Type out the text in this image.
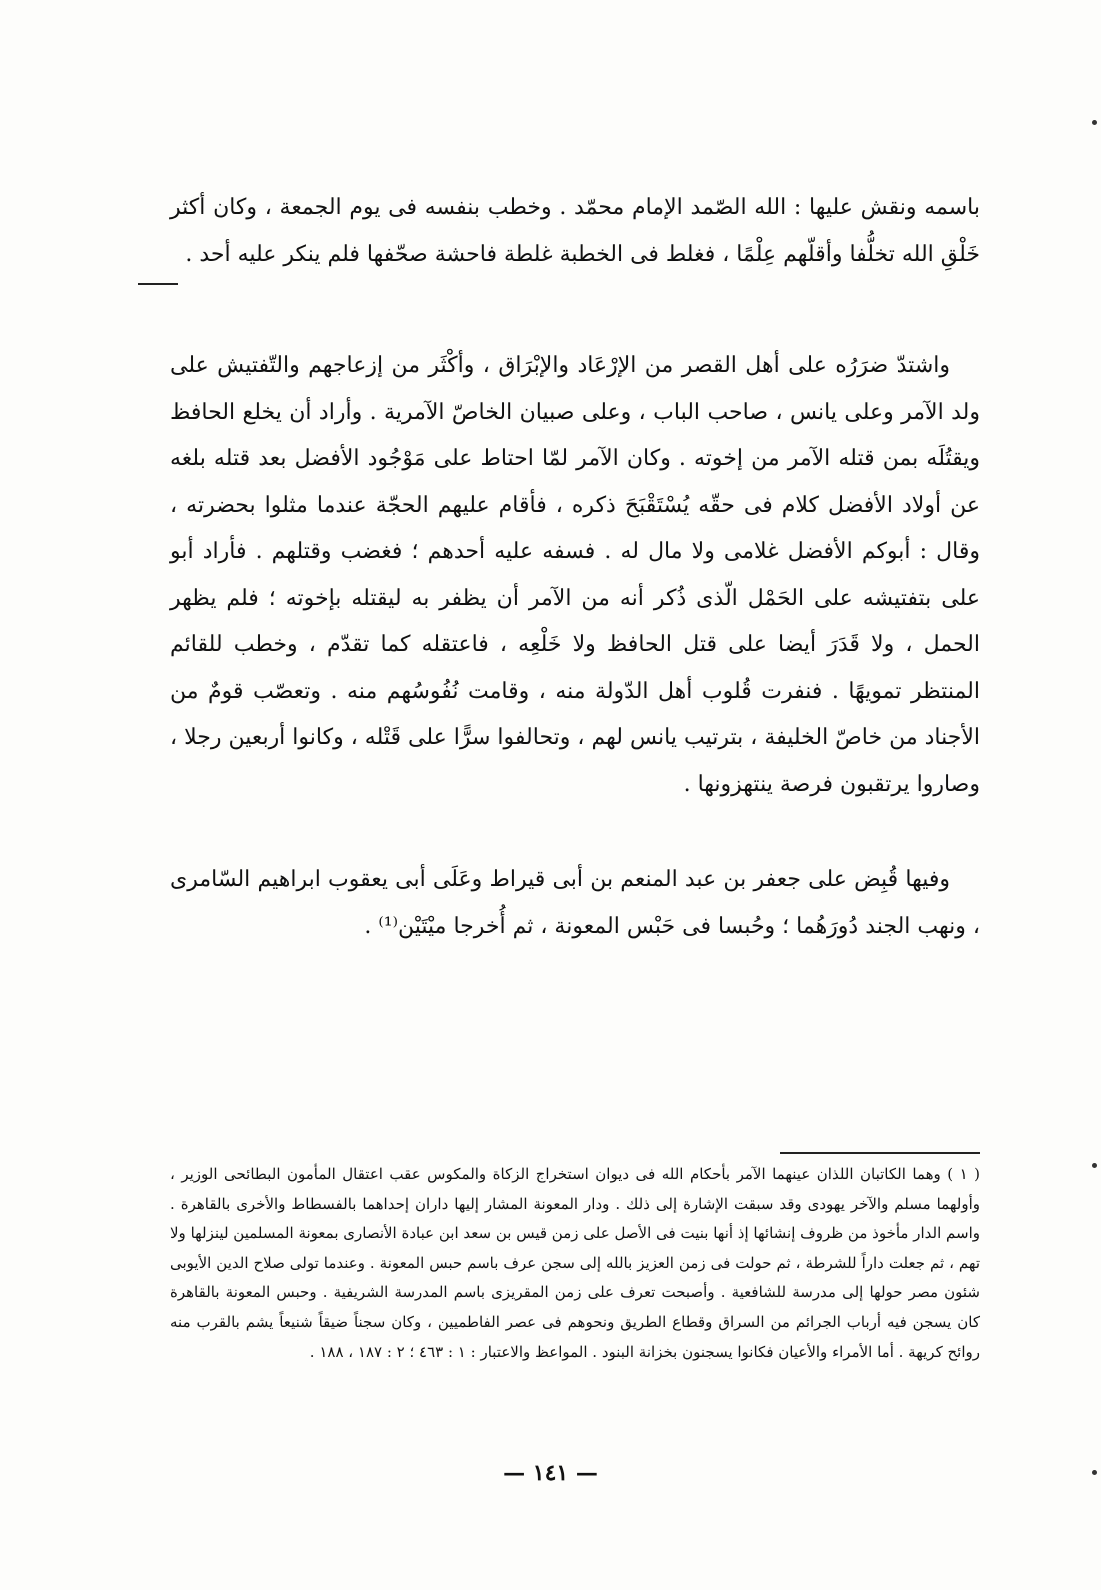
باسمه ونقش عليها : الله الصّمد الإمام محمّد . وخطب بنفسه فى يوم الجمعة ، وكان أكثر خَلْقِ الله تخلُّفا وأقلّهم عِلْمًا ، فغلط فى الخطبة غلطة فاحشة صحّفها فلم ينكر عليه أحد .

واشتدّ ضرَرُه على أهل القصر من الإرْعَاد والإبْرَاق ، وأكْثَر من إزعاجهم والتّفتيش على ولد الآمر وعلى يانس ، صاحب الباب ، وعلى صبيان الخاصّ الآمرية . وأراد أن يخلع الحافظ ويقتُلَه بمن قتله الآمر من إخوته . وكان الآمر لمّا احتاط على مَوْجُود الأفضل بعد قتله بلغه عن أولاد الأفضل كلام فى حقّه يُسْتَقْبَحَ ذكره ، فأقام عليهم الحجّة عندما مثلوا بحضرته ، وقال : أبوكم الأفضل غلامى ولا مال له . فسفه عليه أحدهم ؛ فغضب وقتلهم . فأراد أبو على بتفتيشه على الحَمْل الّذى ذُكر أنه من الآمر أن يظفر به ليقتله بإخوته ؛ فلم يظهر الحمل ، ولا قَدَرَ أيضا على قتل الحافظ ولا خَلْعِه ، فاعتقله كما تقدّم ، وخطب للقائم المنتظر تمويهًا . فنفرت قُلوب أهل الدّولة منه ، وقامت نُفُوسُهم منه . وتعصّب قومٌ من الأجناد من خاصّ الخليفة ، بترتيب يانس لهم ، وتحالفوا سرًّا على قَتْله ، وكانوا أربعين رجلا ، وصاروا يرتقبون فرصة ينتهزونها .

وفيها قُبِض على جعفر بن عبد المنعم بن أبى قيراط وعَلَى أبى يعقوب ابراهيم السّامرى ، ونهب الجند دُورَهُما ؛ وحُبسا فى حَبْس المعونة ، ثم أُخرجا ميْتَيْن⁽¹⁾ .

( ١ ) وهما الكاتبان اللذان عينهما الآمر بأحكام الله فى ديوان استخراج الزكاة والمكوس عقب اعتقال المأمون البطائحى الوزير ، وأولهما مسلم والآخر يهودى وقد سبقت الإشارة إلى ذلك . ودار المعونة المشار إليها داران إحداهما بالفسطاط والأخرى بالقاهرة . واسم الدار مأخوذ من ظروف إنشائها إذ أنها بنيت فى الأصل على زمن قيس بن سعد ابن عبادة الأنصارى بمعونة المسلمين لينزلها ولا تهم ، ثم جعلت داراً للشرطة ، ثم حولت فى زمن العزيز بالله إلى سجن عرف باسم حبس المعونة . وعندما تولى صلاح الدين الأيوبى شئون مصر حولها إلى مدرسة للشافعية . وأصبحت تعرف على زمن المقريزى باسم المدرسة الشريفية . وحبس المعونة بالقاهرة كان يسجن فيه أرباب الجرائم من السراق وقطاع الطريق ونحوهم فى عصر الفاطميين ، وكان سجناً ضيقاً شنيعاً يشم بالقرب منه روائح كريهة . أما الأمراء والأعيان فكانوا يسجنون بخزانة البنود . المواعظ والاعتبار : ١ : ٤٦٣ ؛ ٢ : ١٨٧ ، ١٨٨ .

— ١٤١ —
